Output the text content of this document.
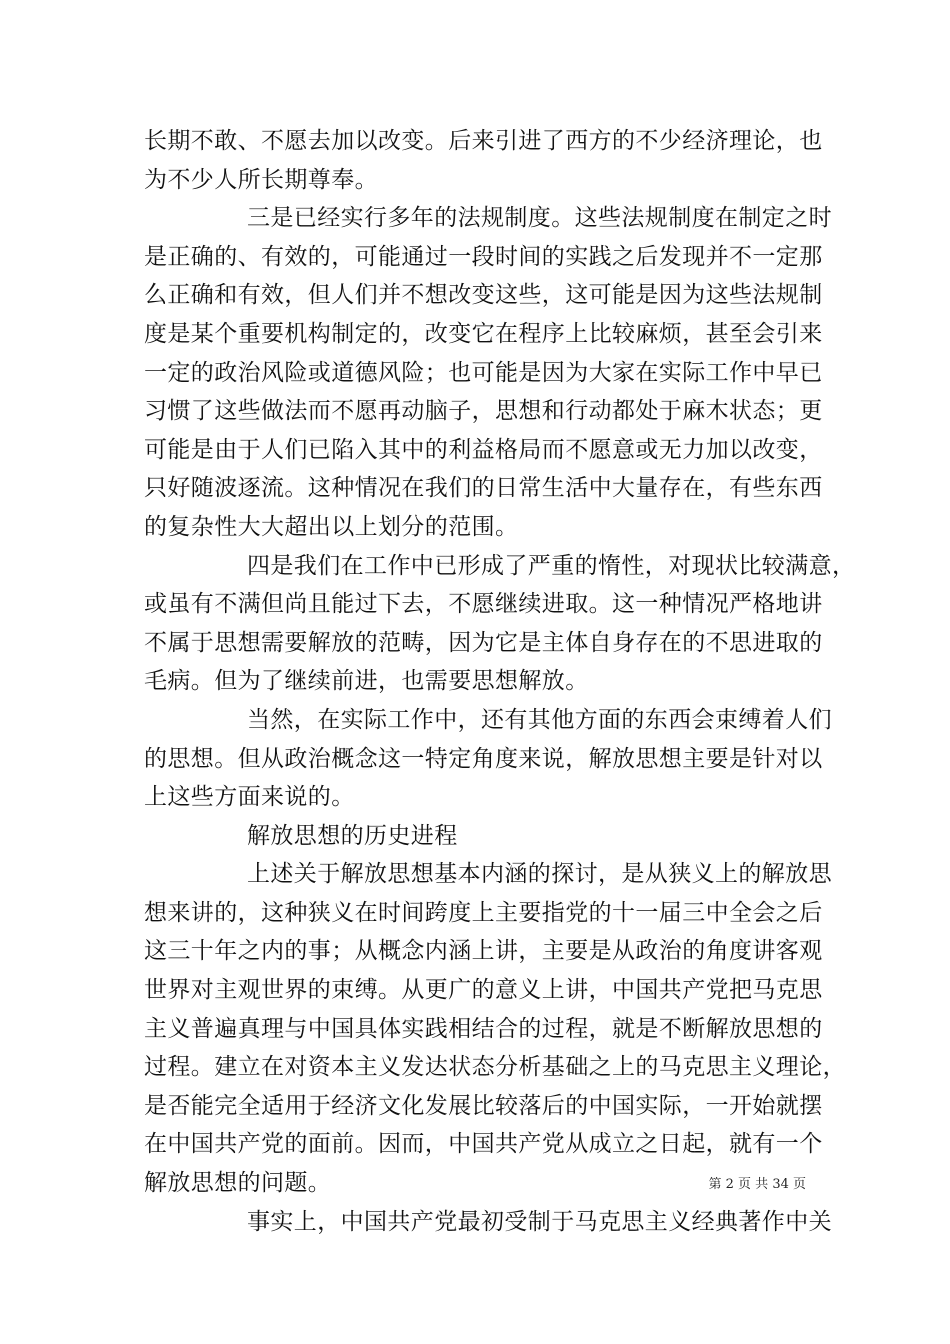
长期不敢、不愿去加以改变。后来引进了西方的不少经济理论，也
为不少人所长期尊奉。
三是已经实行多年的法规制度。这些法规制度在制定之时
是正确的、有效的，可能通过一段时间的实践之后发现并不一定那
么正确和有效，但人们并不想改变这些，这可能是因为这些法规制
度是某个重要机构制定的，改变它在程序上比较麻烦，甚至会引来
一定的政治风险或道德风险；也可能是因为大家在实际工作中早已
习惯了这些做法而不愿再动脑子，思想和行动都处于麻木状态；更
可能是由于人们已陷入其中的利益格局而不愿意或无力加以改变，
只好随波逐流。这种情况在我们的日常生活中大量存在，有些东西
的复杂性大大超出以上划分的范围。
四是我们在工作中已形成了严重的惰性，对现状比较满意，
或虽有不满但尚且能过下去，不愿继续进取。这一种情况严格地讲
不属于思想需要解放的范畴，因为它是主体自身存在的不思进取的
毛病。但为了继续前进，也需要思想解放。
当然，在实际工作中，还有其他方面的东西会束缚着人们
的思想。但从政治概念这一特定角度来说，解放思想主要是针对以
上这些方面来说的。
解放思想的历史进程
上述关于解放思想基本内涵的探讨，是从狭义上的解放思
想来讲的，这种狭义在时间跨度上主要指党的十一届三中全会之后
这三十年之内的事；从概念内涵上讲，主要是从政治的角度讲客观
世界对主观世界的束缚。从更广的意义上讲，中国共产党把马克思
主义普遍真理与中国具体实践相结合的过程，就是不断解放思想的
过程。建立在对资本主义发达状态分析基础之上的马克思主义理论，
是否能完全适用于经济文化发展比较落后的中国实际，一开始就摆
在中国共产党的面前。因而，中国共产党从成立之日起，就有一个
解放思想的问题。
事实上，中国共产党最初受制于马克思主义经典著作中关
第 2 页 共 34 页
